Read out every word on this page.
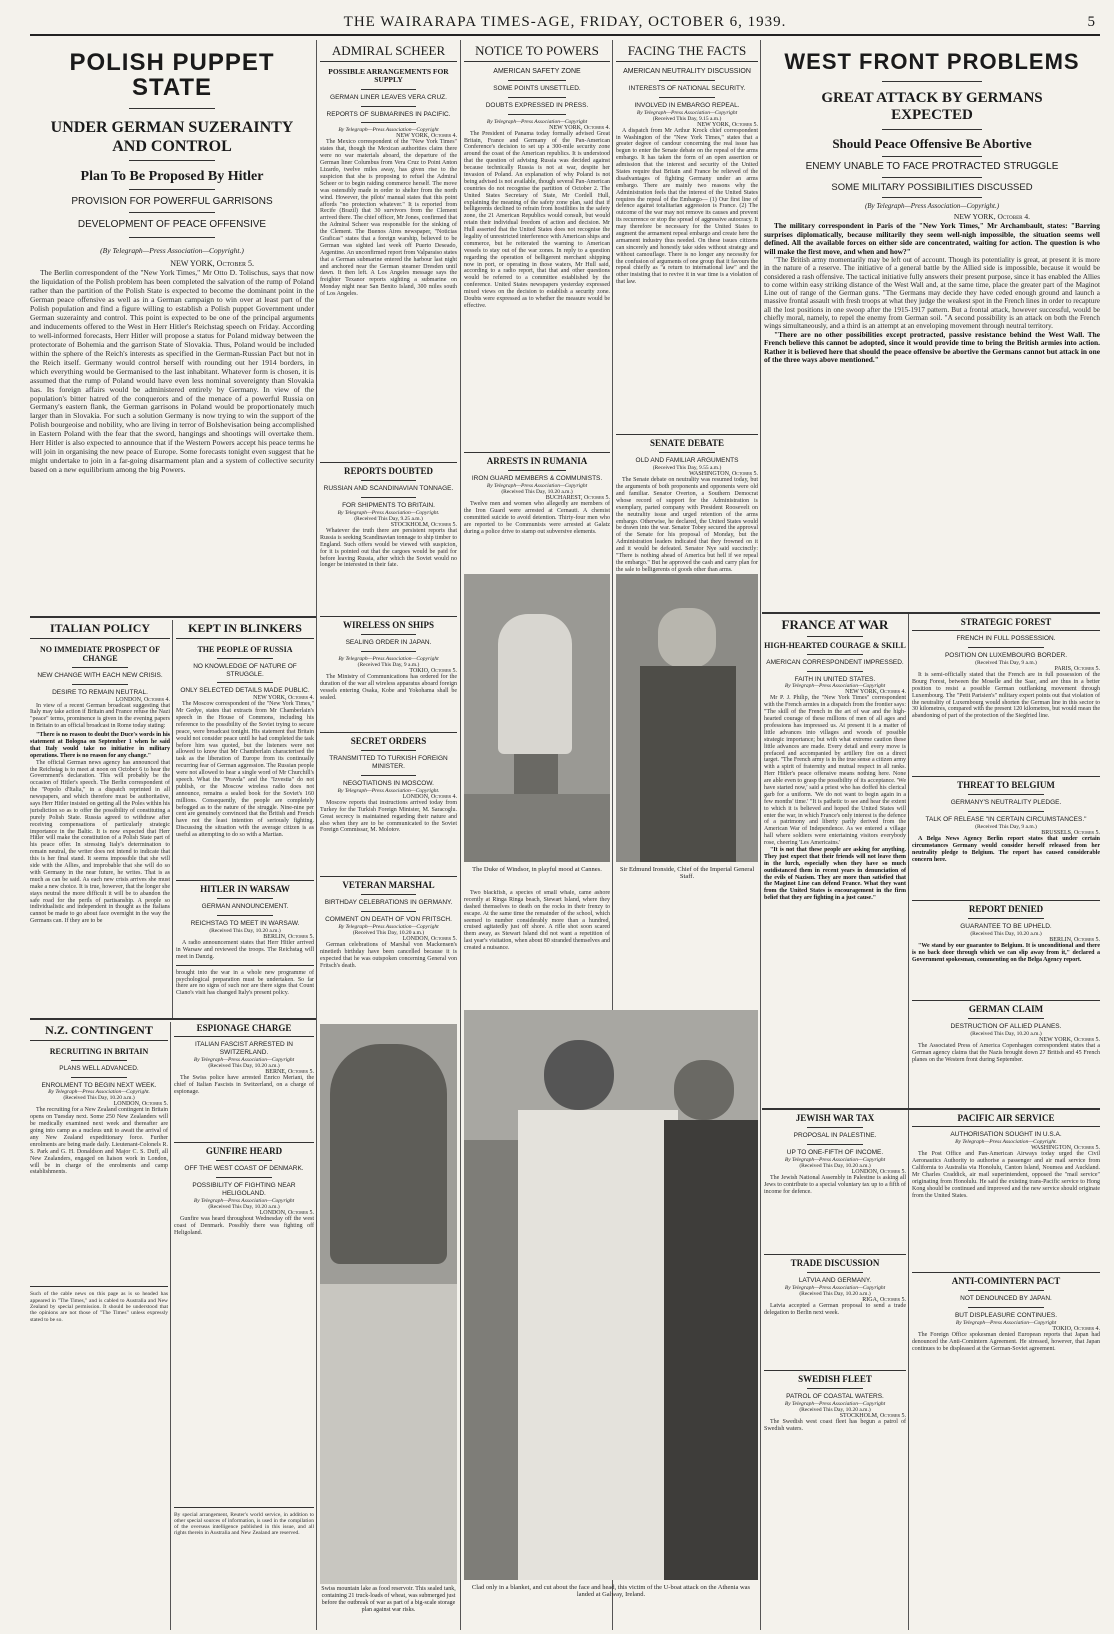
THE WAIRARAPA TIMES-AGE, FRIDAY, OCTOBER 6, 1939.	5
POLISH PUPPET STATE
UNDER GERMAN SUZERAINTY AND CONTROL
Plan To Be Proposed By Hitler
PROVISION FOR POWERFUL GARRISONS
DEVELOPMENT OF PEACE OFFENSIVE
(By Telegraph—Press Association—Copyright.)
NEW YORK, October 5.
The Berlin correspondent of the "New York Times," Mr Otto D. Tolischus, says that now the liquidation of the Polish problem has been completed the salvation of the rump of Poland rather than the partition of the Polish State is expected to become the dominant point in the German peace offensive as well as in a German campaign to win over at least part of the Polish population and find a figure willing to establish a Polish puppet Government under German suzerainty and control. This point is expected to be one of the principal arguments and inducements offered to the West in Herr Hitler's Reichstag speech on Friday. According to well-informed forecasts, Herr Hitler will propose a status for Poland midway between the protectorate of Bohemia and the garrison State of Slovakia. Thus, Poland would be included within the sphere of the Reich's interests as specified in the German-Russian Pact but not in the Reich itself. Germany would control herself with rounding out her 1914 borders, in which everything would be Germanised to the last inhabitant. Whatever form is chosen, it is assumed that the rump of Poland would have even less nominal sovereignty than Slovakia has. Its foreign affairs would be administered entirely by Germany. In view of the population's bitter hatred of the conquerors and of the menace of a powerful Russia on Germany's eastern flank, the German garrisons in Poland would be proportionately much larger than in Slovakia. For such a solution Germany is now trying to win the support of the Polish bourgeoise and nobility, who are living in terror of Bolshevisation being accomplished in Eastern Poland with the fear that the sword, hangings and shootings will overtake them. Herr Hitler is also expected to announce that if the Western Powers accept his peace terms he will join in organising the new peace of Europe. Some forecasts tonight even suggest that he might undertake to join in a far-going disarmament plan and a system of collective security based on a new equilibrium among the big Powers.
ADMIRAL SCHEER
POSSIBLE ARRANGEMENTS FOR SUPPLY
GERMAN LINER LEAVES VERA CRUZ.
REPORTS OF SUBMARINES IN PACIFIC.
By Telegraph—Press Association—Copyright
NEW YORK, October 4.
The Mexico correspondent of the "New York Times" states that, though the Mexican authorities claim there were no war materials aboard, the departure of the German liner Columbus from Vera Cruz to Point Anton Lizardo, twelve miles away, has given rise to the suspicion that she is proposing to refuel the Admiral Scheer or to begin raiding commerce herself. The move was ostensibly made in order to shelter from the north wind. However, the pilots' manual states that this point affords "no protection whatever." It is reported from Recife (Brazil) that 30 survivors from the Clement arrived there. The chief officer, Mr Jones, confirmed that the Admiral Scheer was responsible for the sinking of the Clement. The Buenos Aires newspaper, "Noticias Graficas" states that a foreign warship, believed to be German was sighted last week off Puerto Deseado, Argentine. An unconfirmed report from Valparaiso states that a German submarine entered the harbour last night and anchored near the German steamer Dresden until dawn. It then left. A Los Angeles message says the freighter Texanor reports sighting a submarine on Monday night near San Benito Island, 300 miles south of Los Angeles.
REPORTS DOUBTED
RUSSIAN AND SCANDINAVIAN TONNAGE.
FOR SHIPMENTS TO BRITAIN.
By Telegraph—Press Association—Copyright.
(Received This Day, 9.25 a.m.)
STOCKHOLM, October 5.
Whatever the truth there are persistent reports that Russia is seeking Scandinavian tonnage to ship timber to England. Such offers would be viewed with suspicion, for it is pointed out that the cargoes would be paid for before leaving Russia, after which the Soviet would no longer be interested in their fate.
WIRELESS ON SHIPS
SEALING ORDER IN JAPAN.
By Telegraph—Press Association—Copyright
(Received This Day, 9 a.m.)
TOKIO, October 5.
The Ministry of Communications has ordered for the duration of the war all wireless apparatus aboard foreign vessels entering Osaka, Kobe and Yokohama shall be sealed.
SECRET ORDERS
TRANSMITTED TO TURKISH FOREIGN MINISTER.
NEGOTIATIONS IN MOSCOW.
By Telegraph—Press Association—Copyright.
LONDON, October 4.
Moscow reports that instructions arrived today from Turkey for the Turkish Foreign Minister, M. Saracoglu. Great secrecy is maintained regarding their nature and also when they are to be communicated to the Soviet Foreign Commissar, M. Molotov.
VETERAN MARSHAL
BIRTHDAY CELEBRATIONS IN GERMANY.
COMMENT ON DEATH OF VON FRITSCH.
By Telegraph—Press Association—Copyright
(Received This Day, 10.20 a.m.)
LONDON, October 5.
German celebrations of Marshal von Mackensen's ninetieth birthday have been cancelled because it is expected that he was outspoken concerning General von Fritsch's death.
NOTICE TO POWERS
AMERICAN SAFETY ZONE
SOME POINTS UNSETTLED.
DOUBTS EXPRESSED IN PRESS.
By Telegraph—Press Association—Copyright
NEW YORK, October 4.
The President of Panama today formally advised Great Britain, France and Germany of the Pan-American Conference's decision to set up a 300-mile security zone around the coast of the American republics. It is understood that the question of advising Russia was decided against because technically Russia is not at war, despite her invasion of Poland. An explanation of why Poland is not being advised is not available, though several Pan-American countries do not recognise the partition of October 2. The United States Secretary of State, Mr Cordell Hull, explaining the meaning of the safety zone plan, said that if belligerents declined to refrain from hostilities in the safety zone, the 21 American Republics would consult, but would retain their individual freedom of action and decision. Mr Hull asserted that the United States does not recognise the legality of unrestricted interference with American ships and commerce, but he reiterated the warning to American vessels to stay out of the war zones. In reply to a question regarding the operation of belligerent merchant shipping now in port, or operating in those waters, Mr Hull said, according to a radio report, that that and other questions would be referred to a committee established by the conference. United States newspapers yesterday expressed mixed views on the decision to establish a security zone. Doubts were expressed as to whether the measure would be effective.
ARRESTS IN RUMANIA
IRON GUARD MEMBERS & COMMUNISTS.
By Telegraph—Press Association—Copyright
(Received This Day, 10.20 a.m.)
BUCHAREST, October 5.
Twelve men and women who allegedly are members of the Iron Guard were arrested at Cernauti. A chemist committed suicide to avoid detention. Thirty-four men who are reported to be Communists were arrested at Galatz during a police drive to stamp out subversive elements.
FACING THE FACTS
AMERICAN NEUTRALITY DISCUSSION
INTERESTS OF NATIONAL SECURITY.
INVOLVED IN EMBARGO REPEAL.
By Telegraph—Press Association—Copyright
(Received This Day, 9.15 a.m.)
NEW YORK, October 5.
A dispatch from Mr Arthur Krock chief correspondent in Washington of the "New York Times," states that a greater degree of candour concerning the real issue has begun to enter the Senate debate on the repeal of the arms embargo. It has taken the form of an open assertion or admission that the interest and security of the United States require that Britain and France be relieved of the disadvantages of fighting Germany under an arms embargo. There are mainly two reasons why the Administration feels that the interest of the United States requires the repeal of the Embargo— (1) Our first line of defence against totalitarian aggression is France. (2) The outcome of the war may not remove its causes and prevent its recurrence or stop the spread of aggressive autocracy. It may therefore be necessary for the United States to augment the armament repeal embargo and create here the armament industry thus needed. On these issues citizens can sincerely and honestly take sides without strategy and without camouflage. There is no longer any necessity for the confusion of arguments of one group that it favours the repeal chiefly as "a return to international law" and the other insisting that to revive it in war time is a violation of that law.
SENATE DEBATE
OLD AND FAMILIAR ARGUMENTS
(Received This Day, 9.55 a.m.)
WASHINGTON, October 5.
The Senate debate on neutrality was resumed today, but the arguments of both proponents and opponents were old and familiar. Senator Overton, a Southern Democrat whose record of support for the Administration is exemplary, parted company with President Roosevelt on the neutrality issue and urged retention of the arms embargo. Otherwise, he declared, the United States would be drawn into the war. Senator Tobey secured the approval of the Senate for his proposal of Monday, but the Administration leaders indicated that they frowned on it and it would be defeated. Senator Nye said succinctly: "There is nothing ahead of America but hell if we repeal the embargo." But he approved the cash and carry plan for the sale to belligerents of goods other than arms.
The Duke of Windsor, in playful mood at Cannes.	Sir Edmund Ironside, Chief of the Imperial General Staff.
Two blackfish, a species of small whale, came ashore recently at Ringa Ringa beach, Stewart Island, where they dashed themselves to death on the rocks in their frenzy to escape. At the same time the remainder of the school, which seemed to number considerably more than a hundred, cruised agitatedly just off shore. A rifle shot soon scared them away, as Stewart Island did not want a repetition of last year's visitation, when about 80 stranded themselves and created a nuisance.
Clad only in a blanket, and cut about the face and head, this victim of the U-boat attack on the Athenia was landed at Galway, Ireland.
Swiss mountain lake as food reservoir. This sealed tank, containing 21 truck-loads of wheat, was submerged just before the outbreak of war as part of a big-scale storage plan against war risks.
ITALIAN POLICY
NO IMMEDIATE PROSPECT OF CHANGE
NEW CHANGE WITH EACH NEW CRISIS.
DESIRE TO REMAIN NEUTRAL.
LONDON, October 4.
In view of a recent German broadcast suggesting that Italy may take action if Britain and France refuse the Nazi "peace" terms, prominence is given in the evening papers in Britain to an official broadcast in Rome today stating:
"There is no reason to doubt the Duce's words in his statement at Bologna on September 1 when he said that Italy would take no initiative in military operations. There is no reason for any change."
The official German news agency has announced that the Reichstag is to meet at noon on October 6 to hear the Government's declaration. This will probably be the occasion of Hitler's speech. The Berlin correspondent of the "Popolo d'Italia," in a dispatch reprinted in all newspapers, and which therefore must be authoritative, says Herr Hitler insisted on getting all the Poles within his jurisdiction so as to offer the possibility of constituting a purely Polish State. Russia agreed to withdraw after receiving compensations of particularly strategic importance in the Baltic. It is now expected that Herr Hitler will make the constitution of a Polish State part of his peace offer. In stressing Italy's determination to remain neutral, the writer does not intend to indicate that this is her final stand. It seems impossible that she will side with the Allies, and improbable that she will do so with Germany in the near future, he writes. That is as much as can be said. As each new crisis arrives she must make a new choice. It is true, however, that the longer she stays neutral the more difficult it will be to abandon the safe road for the perils of partisanship. A people so individualistic and independent in thought as the Italians cannot be made to go about face overnight in the way the Germans can. If they are to be
KEPT IN BLINKERS
THE PEOPLE OF RUSSIA
NO KNOWLEDGE OF NATURE OF STRUGGLE.
ONLY SELECTED DETAILS MADE PUBLIC.
NEW YORK, October 4.
The Moscow correspondent of the "New York Times," Mr Gedye, states that extracts from Mr Chamberlain's speech in the House of Commons, including his reference to the possibility of the Soviet trying to secure peace, were broadcast tonight. His statement that Britain would not consider peace until he had completed the task before him was quoted, but the listeners were not allowed to know that Mr Chamberlain characterised the task as the liberation of Europe from its continually recurring fear of German aggression. The Russian people were not allowed to hear a single word of Mr Churchill's speech. What the "Pravda" and the "Izvestia" do not publish, or the Moscow wireless radio does not announce, remains a sealed book for the Soviet's 160 millions. Consequently, the people are completely befogged as to the nature of the struggle. Nine-nine per cent are genuinely convinced that the British and French have not the least intention of seriously fighting. Discussing the situation with the average citizen is as useful as attempting to do so with a Martian.
HITLER IN WARSAW
GERMAN ANNOUNCEMENT.
REICHSTAG TO MEET IN WARSAW.
(Received This Day, 10.20 a.m.)
BERLIN, October 5.
A radio announcement states that Herr Hitler arrived in Warsaw and reviewed the troops. The Reichstag will meet in Danzig.
brought into the war in a whole new programme of psychological preparation must be undertaken. So far there are no signs of such nor are there signs that Count Ciano's visit has changed Italy's present policy.
N.Z. CONTINGENT
RECRUITING IN BRITAIN
PLANS WELL ADVANCED.
ENROLMENT TO BEGIN NEXT WEEK.
By Telegraph—Press Association—Copyright.
(Received This Day, 10.20 a.m.)
LONDON, October 5.
The recruiting for a New Zealand contingent in Britain opens on Tuesday next. Some 250 New Zealanders will be medically examined next week and thereafter are going into camp as a nucleus unit to await the arrival of any New Zealand expeditionary force. Further enrolments are being made daily. Lieutenant-Colonels R. S. Park and G. H. Donaldson and Major C. S. Duff, all New Zealanders, engaged on liaison work in London, will be in charge of the enrolments and camp establishments.
Such of the cable news on this page as is so headed has appeared in "The Times," and is cabled to Australia and New Zealand by special permission. It should be understood that the opinions are not those of "The Times" unless expressly stated to be so.
ESPIONAGE CHARGE
ITALIAN FASCIST ARRESTED IN SWITZERLAND.
By Telegraph—Press Association—Copyright
(Received This Day, 10.20 a.m.)
BERNE, October 5.
The Swiss police have arrested Enrico Meriani, the chief of Italian Fascists in Switzerland, on a charge of espionage.
GUNFIRE HEARD
OFF THE WEST COAST OF DENMARK.
POSSIBILITY OF FIGHTING NEAR HELIGOLAND.
By Telegraph—Press Association—Copyright
(Received This Day, 10.20 a.m.)
LONDON, October 5.
Gunfire was heard throughout Wednesday off the west coast of Denmark. Possibly there was fighting off Heligoland.
By special arrangement, Reuter's world service, in addition to other special sources of information, is used in the compilation of the overseas intelligence published in this issue, and all rights therein in Australia and New Zealand are reserved.
WEST FRONT PROBLEMS
GREAT ATTACK BY GERMANS EXPECTED
Should Peace Offensive Be Abortive
ENEMY UNABLE TO FACE PROTRACTED STRUGGLE
SOME MILITARY POSSIBILITIES DISCUSSED
(By Telegraph—Press Association—Copyright.)
NEW YORK, October 4.
The military correspondent in Paris of the "New York Times," Mr Archambault, states: "Barring surprises diplomatically, because militarily they seem well-nigh impossible, the situation seems well defined. All the available forces on either side are concentrated, waiting for action. The question is who will make the first move, and when and how?"
"The British army momentarily may be left out of account. Though its potentiality is great, at present it is more in the nature of a reserve. The initiative of a general battle by the Allied side is impossible, because it would be considered a rash offensive. The tactical initiative fully answers their present purpose, since it has enabled the Allies to come within easy striking distance of the West Wall and, at the same time, place the greater part of the Maginot Line out of range of the German guns. "The Germans may decide they have ceded enough ground and launch a massive frontal assault with fresh troops at what they judge the weakest spot in the French lines in order to recapture all the lost positions in one swoop after the 1915-1917 pattern. But a frontal attack, however successful, would be chiefly moral, namely, to repel the enemy from German soil. "A second possibility is an attack on both the French wings simultaneously, and a third is an attempt at an enveloping movement through neutral territory.
"There are no other possibilities except protracted, passive resistance behind the West Wall. The French believe this cannot be adopted, since it would provide time to bring the British armies into action. Rather it is believed here that should the peace offensive be abortive the Germans cannot but attack in one of the three ways above mentioned."
FRANCE AT WAR
HIGH-HEARTED COURAGE & SKILL
AMERICAN CORRESPONDENT IMPRESSED.
FAITH IN UNITED STATES.
By Telegraph—Press Association—Copyright
NEW YORK, October 4.
Mr P. J. Philip, the "New York Times" correspondent with the French armies in a dispatch from the frontier says: "The skill of the French in the art of war and the high-hearted courage of these millions of men of all ages and professions has impressed us. At present it is a matter of little advances into villages and woods of possible strategic importance; but with what extreme caution these little advances are made. Every detail and every move is prefaced and accompanied by artillery fire on a direct target. "The French army is in the true sense a citizen army with a spirit of fraternity and mutual respect in all ranks. Herr Hitler's peace offensive means nothing here. None are able even to grasp the possibility of its acceptance. 'We have started now,' said a priest who has doffed his clerical garb for a uniform. 'We do not want to begin again in a few months' time.' "It is pathetic to see and hear the extent to which it is believed and hoped the United States will enter the war, in which France's only interest is the defence of a patrimony and liberty partly derived from the American War of Independence. As we entered a village hall where soldiers were entertaining visitors everybody rose, cheering 'Les Americains.'
"It is not that these people are asking for anything. They just expect that their friends will not leave them in the lurch, especially when they have so much outdistanced them in recent years in denunciation of the evils of Nazism. They are more than satisfied that the Maginot Line can defend France. What they want from the United States is encouragement in the firm belief that they are fighting in a just cause."
STRATEGIC FOREST
FRENCH IN FULL POSSESSION.
POSITION ON LUXEMBOURG BORDER.
(Received This Day, 9 a.m.)
PARIS, October 5.
It is semi-officially stated that the French are in full possession of the Bourg Forest, between the Moselle and the Saar, and are thus in a better position to resist a possible German outflanking movement through Luxembourg. The "Petit Parisien's" military expert points out that violation of the neutrality of Luxembourg would shorten the German line in this sector to 30 kilometres, compared with the present 120 kilometres, but would mean the abandoning of part of the protection of the Siegfried line.
THREAT TO BELGIUM
GERMANY'S NEUTRALITY PLEDGE.
TALK OF RELEASE "IN CERTAIN CIRCUMSTANCES."
(Received This Day, 9 a.m.)
BRUSSELS, October 5.
A Belga News Agency Berlin report states that under certain circumstances Germany would consider herself released from her neutrality pledge to Belgium. The report has caused considerable concern here.
REPORT DENIED
GUARANTEE TO BE UPHELD.
(Received This Day, 10.20 a.m.)
BERLIN, October 5.
"We stand by our guarantee to Belgium. It is unconditional and there is no back door through which we can slip away from it," declared a Government spokesman, commenting on the Belga Agency report.
GERMAN CLAIM
DESTRUCTION OF ALLIED PLANES.
(Received This Day, 10.20 a.m.)
NEW YORK, October 5.
The Associated Press of America Copenhagen correspondent states that a German agency claims that the Nazis brought down 27 British and 45 French planes on the Western front during September.
JEWISH WAR TAX
PROPOSAL IN PALESTINE.
UP TO ONE-FIFTH OF INCOME.
By Telegraph—Press Association—Copyright
(Received This Day, 10.20 a.m.)
LONDON, October 5.
The Jewish National Assembly in Palestine is asking all Jews to contribute to a special voluntary tax up to a fifth of income for defence.
TRADE DISCUSSION
LATVIA AND GERMANY.
By Telegraph—Press Association—Copyright
(Received This Day, 10.20 a.m.)
RIGA, October 5.
Latvia accepted a German proposal to send a trade delegation to Berlin next week.
SWEDISH FLEET
PATROL OF COASTAL WATERS.
By Telegraph—Press Association—Copyright
(Received This Day, 10.20 a.m.)
STOCKHOLM, October 5.
The Swedish west coast fleet has begun a patrol of Swedish waters.
PACIFIC AIR SERVICE
AUTHORISATION SOUGHT IN U.S.A.
By Telegraph—Press Association—Copyright.
WASHINGTON, October 5.
The Post Office and Pan-American Airways today urged the Civil Aeronautics Authority to authorise a passenger and air mail service from California to Australia via Honolulu, Canton Island, Noumea and Auckland. Mr Charles Craddick, air mail superintendent, opposed the "mail service" originating from Honolulu. He said the existing trans-Pacific service to Hong Kong should be continued and improved and the new service should originate from the United States.
ANTI-COMINTERN PACT
NOT DENOUNCED BY JAPAN.
BUT DISPLEASURE CONTINUES.
By Telegraph—Press Association—Copyright
TOKIO, October 4.
The Foreign Office spokesman denied European reports that Japan had denounced the Anti-Comintern Agreement. He stressed, however, that Japan continues to be displeased at the German-Soviet agreement.
